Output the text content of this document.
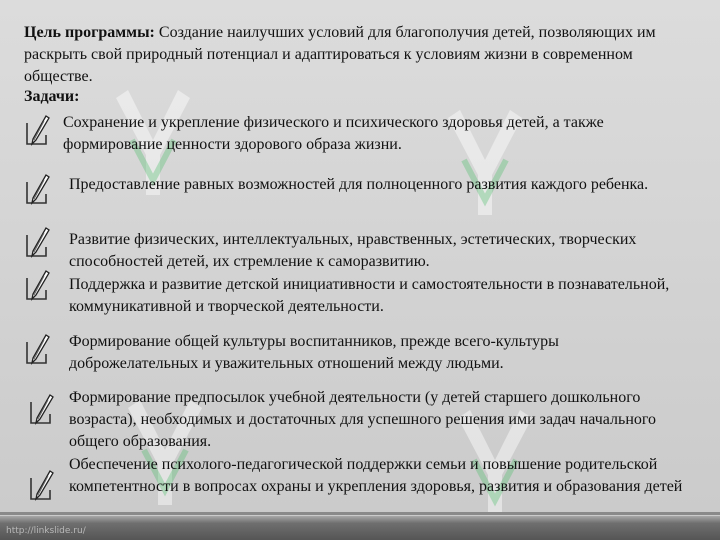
Цель программы: Создание наилучших условий для благополучия детей, позволяющих им раскрыть свой природный потенциал и адаптироваться к условиям жизни в современном обществе.
Задачи:
Сохранение и укрепление физического и психического здоровья детей, а также формирование ценности здорового образа жизни.
Предоставление равных возможностей для полноценного развития каждого ребенка.
Развитие физических, интеллектуальных, нравственных, эстетических, творческих способностей детей, их стремление к саморазвитию.
Поддержка и развитие детской инициативности и самостоятельности в познавательной, коммуникативной и творческой деятельности.
Формирование общей культуры воспитанников, прежде всего-культуры доброжелательных и уважительных отношений между людьми.
Формирование предпосылок учебной деятельности (у детей старшего дошкольного возраста), необходимых и достаточных для успешного решения ими задач начального общего образования.
Обеспечение психолого-педагогической поддержки семьи и повышение родительской компетентности в вопросах охраны и укрепления здоровья, развития и образования детей
http://linkslide.ru/
